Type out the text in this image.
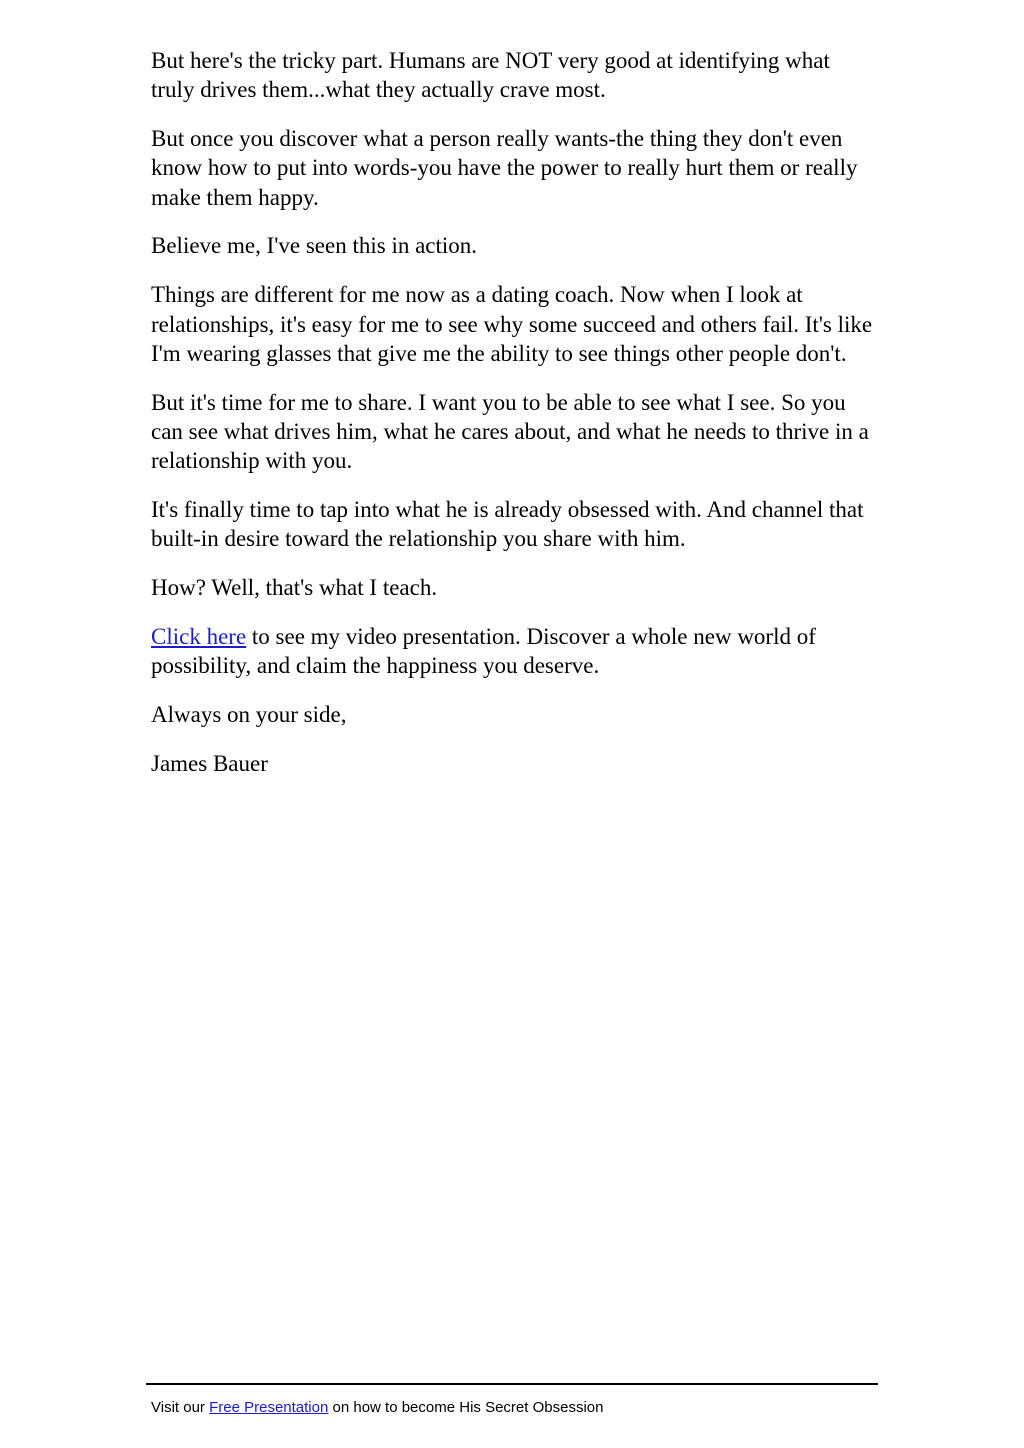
But here's the tricky part. Humans are NOT very good at identifying what truly drives them...what they actually crave most.

But once you discover what a person really wants-the thing they don't even know how to put into words-you have the power to really hurt them or really make them happy.

Believe me, I've seen this in action.

Things are different for me now as a dating coach. Now when I look at relationships, it's easy for me to see why some succeed and others fail. It's like I'm wearing glasses that give me the ability to see things other people don't.

But it's time for me to share. I want you to be able to see what I see. So you can see what drives him, what he cares about, and what he needs to thrive in a relationship with you.

It's finally time to tap into what he is already obsessed with. And channel that built-in desire toward the relationship you share with him.

How? Well, that's what I teach.

Click here to see my video presentation. Discover a whole new world of possibility, and claim the happiness you deserve.

Always on your side,

James Bauer

Visit our Free Presentation on how to become His Secret Obsession
